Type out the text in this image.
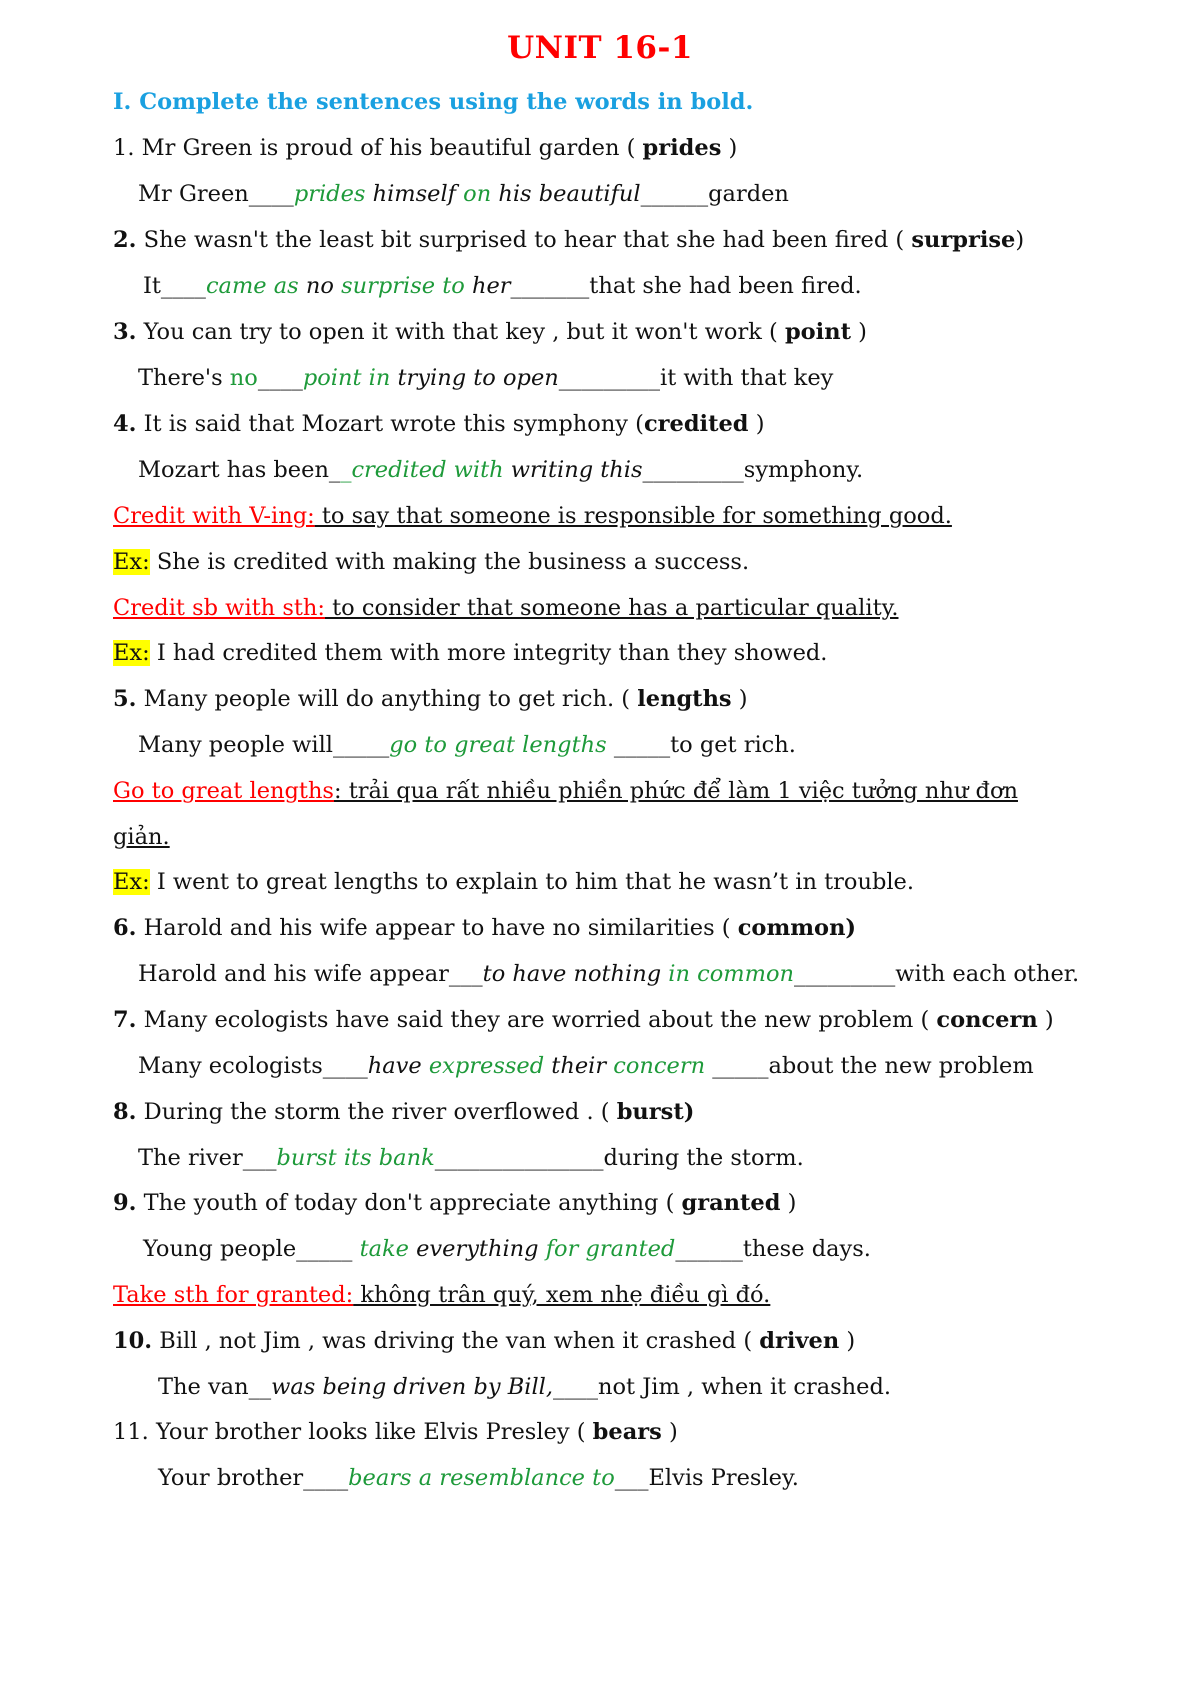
UNIT 16-1
I. Complete the sentences using the words in bold.
1. Mr Green is proud of his beautiful garden ( prides )
Mr Green____prides himself on his beautiful______garden
2. She wasn't the least bit surprised to hear that she had been fired ( surprise)
It____came as no surprise to her_______that she had been fired.
3. You can try to open it with that key , but it won't work ( point )
There's no____point in trying to open_________it with that key
4. It is said that Mozart wrote this symphony (credited )
Mozart has been__credited with writing this_________symphony.
Credit with V-ing: to say that someone is responsible for something good.
Ex: She is credited with making the business a success.
Credit sb with sth: to consider that someone has a particular quality.
Ex: I had credited them with more integrity than they showed.
5. Many people will do anything to get rich. ( lengths )
Many people will_____go to great lengths _____to get rich.
Go to great lengths: trải qua rất nhiều phiền phức để làm 1 việc tưởng như đơn
giản.
Ex: I went to great lengths to explain to him that he wasn’t in trouble.
6. Harold and his wife appear to have no similarities ( common)
Harold and his wife appear___to have nothing in common_________with each other.
7. Many ecologists have said they are worried about the new problem ( concern )
Many ecologists____have expressed their concern _____about the new problem
8. During the storm the river overflowed . ( burst)
The river___burst its bank_______________during the storm.
9. The youth of today don't appreciate anything ( granted )
Young people_____ take everything for granted______these days.
Take sth for granted: không trân quý, xem nhẹ điều gì đó.
10. Bill , not Jim , was driving the van when it crashed ( driven )
The van__was being driven by Bill,____not Jim , when it crashed.
11. Your brother looks like Elvis Presley ( bears )
Your brother____bears a resemblance to___Elvis Presley.
